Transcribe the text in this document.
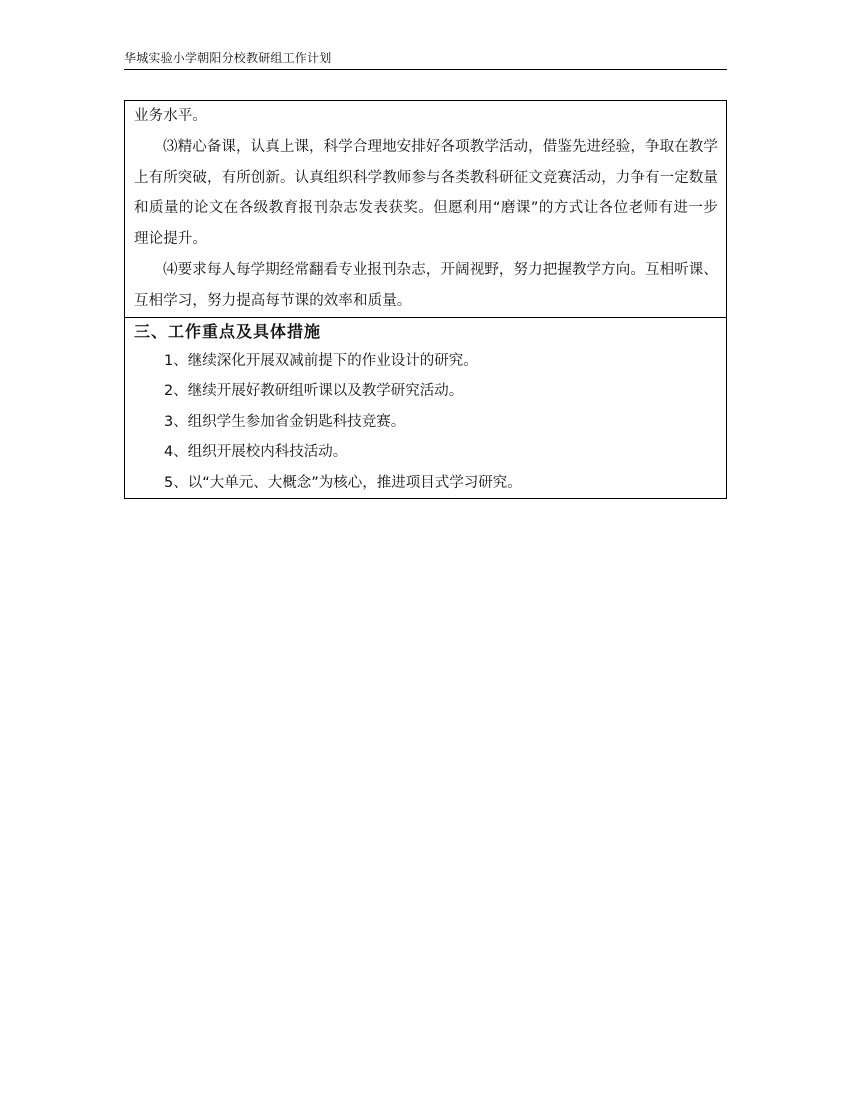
华城实验小学朝阳分校教研组工作计划

业务水平。

⑶精心备课，认真上课，科学合理地安排好各项教学活动，借鉴先进经验，争取在教学上有所突破，有所创新。认真组织科学教师参与各类教科研征文竞赛活动，力争有一定数量和质量的论文在各级教育报刊杂志发表获奖。但愿利用“磨课”的方式让各位老师有进一步理论提升。

⑷要求每人每学期经常翻看专业报刊杂志，开阔视野，努力把握教学方向。互相听课、互相学习，努力提高每节课的效率和质量。

三、工作重点及具体措施
1、继续深化开展双减前提下的作业设计的研究。
2、继续开展好教研组听课以及教学研究活动。
3、组织学生参加省金钥匙科技竞赛。
4、组织开展校内科技活动。
5、以“大单元、大概念”为核心，推进项目式学习研究。
